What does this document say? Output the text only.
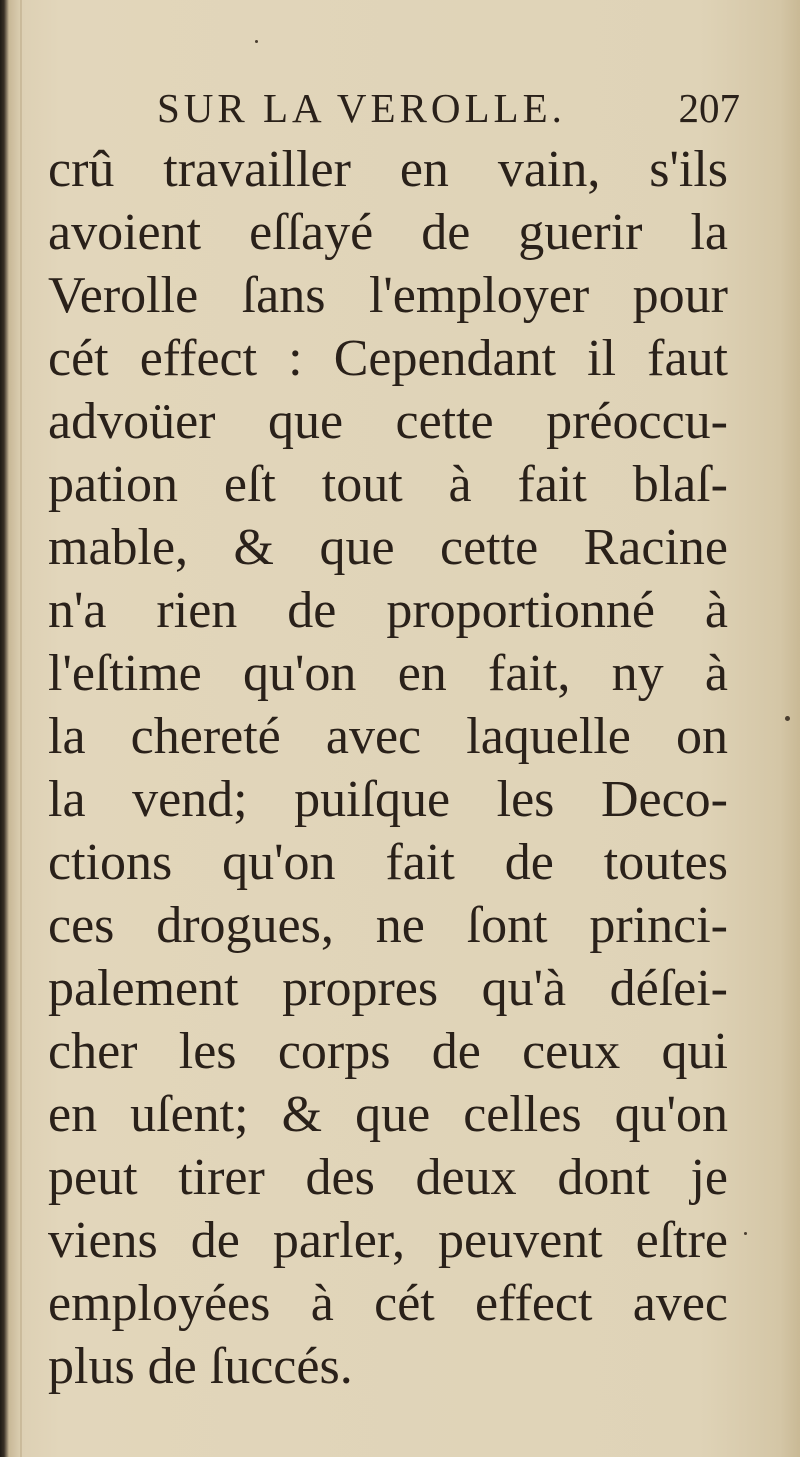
SUR LA VEROLLE.	207
crû travailler en vain, s'ils
avoient eſſayé de guerir la
Verolle ſans l'employer pour
cét effect : Cependant il faut
advoüer que cette préoccu-
pation eſt tout à fait blaſ-
mable, & que cette Racine
n'a rien de proportionné à
l'eſtime qu'on en fait, ny à
la chereté avec laquelle on
la vend; puiſque les Deco-
ctions qu'on fait de toutes
ces drogues, ne ſont princi-
palement propres qu'à déſei-
cher les corps de ceux qui
en uſent; & que celles qu'on
peut tirer des deux dont je
viens de parler, peuvent eſtre
employées à cét effect avec
plus de ſuccés.
